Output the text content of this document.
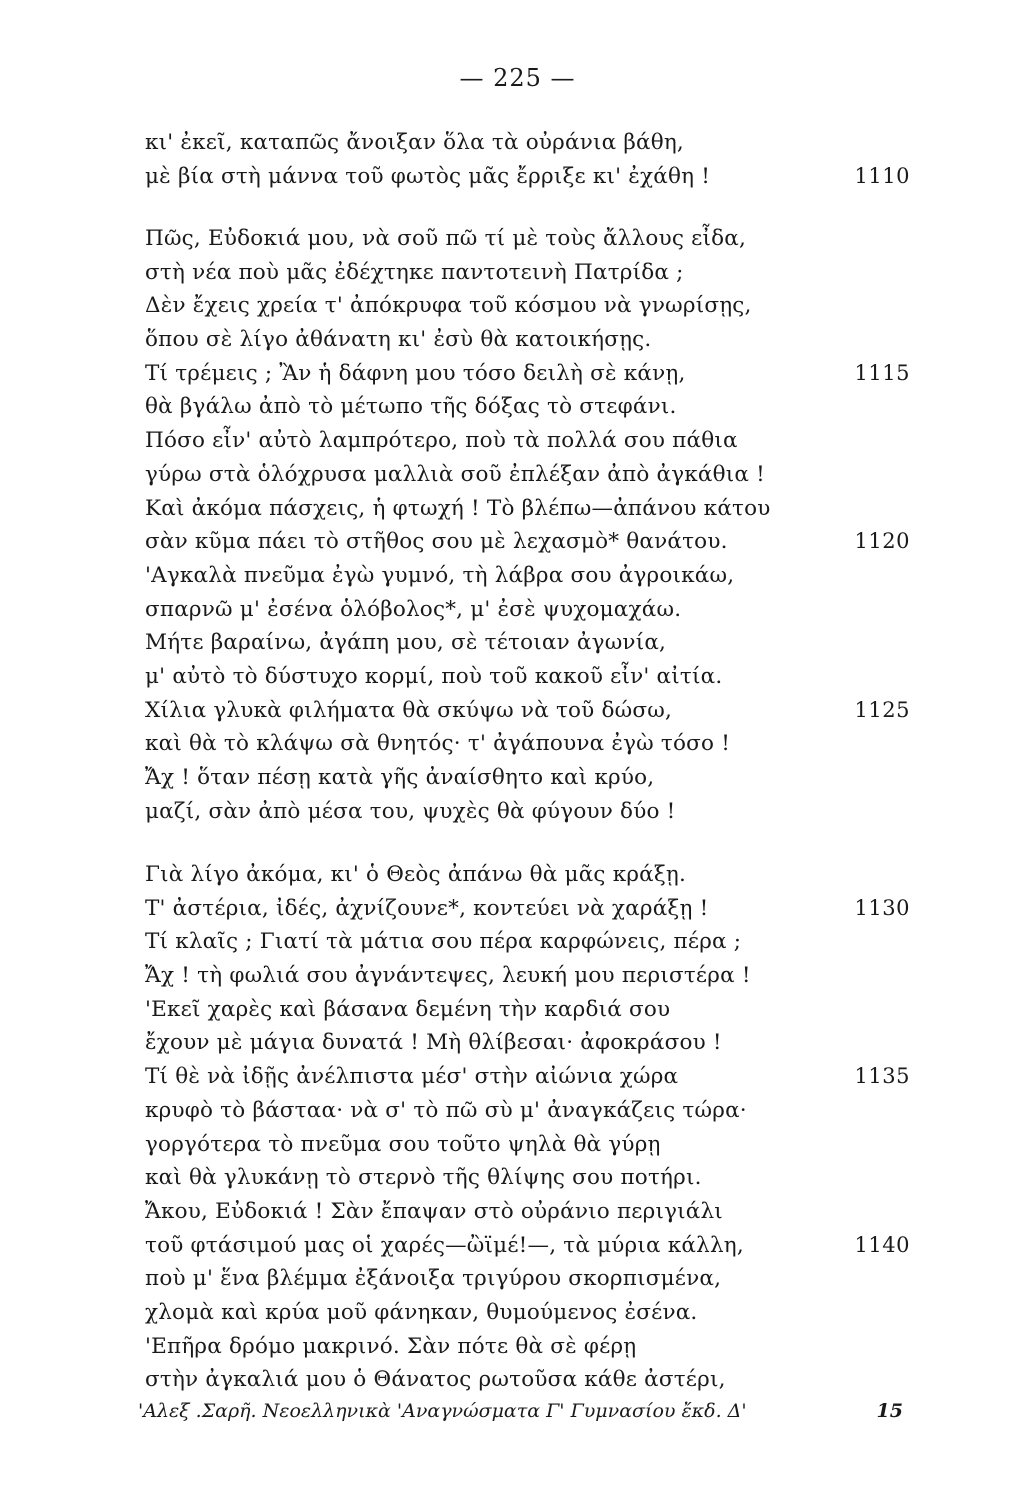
— 225 —
κι' ἐκεῖ, καταπῶς ἄνοιξαν ὅλα τὰ οὐράνια βάθη,
μὲ βία στὴ μάννα τοῦ φωτὸς μᾶς ἔρριξε κι' ἐχάθη !	1110
Πῶς, Εὐδοκιά μου, νὰ σοῦ πῶ τί μὲ τοὺς ἄλλους εἶδα,
στὴ νέα ποὺ μᾶς ἐδέχτηκε παντοτεινὴ Πατρίδα ;
Δὲν ἔχεις χρεία τ' ἀπόκρυφα τοῦ κόσμου νὰ γνωρίσῃς,
ὅπου σὲ λίγο ἀθάνατη κι' ἐσὺ θὰ κατοικήσῃς.
Τί τρέμεις ; Ἂν ἡ δάφνη μου τόσο δειλὴ σὲ κάνῃ,	1115
θὰ βγάλω ἀπὸ τὸ μέτωπο τῆς δόξας τὸ στεφάνι.
Πόσο εἶν' αὐτὸ λαμπρότερο, ποὺ τὰ πολλά σου πάθια
γύρω στὰ ὁλόχρυσα μαλλιὰ σοῦ ἐπλέξαν ἀπὸ ἀγκάθια !
Καὶ ἀκόμα πάσχεις, ἡ φτωχή ! Τὸ βλέπω—ἀπάνου κάτου
σὰν κῦμα πάει τὸ στῆθος σου μὲ λεχασμὸ* θανάτου.	1120
'Αγκαλὰ πνεῦμα ἐγὼ γυμνό, τὴ λάβρα σου ἀγροικάω,
σπαρνῶ μ' ἐσένα ὁλόβολος*, μ' ἐσὲ ψυχομαχάω.
Μήτε βαραίνω, ἀγάπη μου, σὲ τέτοιαν ἀγωνία,
μ' αὐτὸ τὸ δύστυχο κορμί, ποὺ τοῦ κακοῦ εἶν' αἰτία.
Χίλια γλυκὰ φιλήματα θὰ σκύψω νὰ τοῦ δώσω,	1125
καὶ θὰ τὸ κλάψω σὰ θνητός· τ' ἀγάπουνα ἐγὼ τόσο !
Ἄχ ! ὅταν πέσῃ κατὰ γῆς ἀναίσθητο καὶ κρύο,
μαζί, σὰν ἀπὸ μέσα του, ψυχὲς θὰ φύγουν δύο !
Γιὰ λίγο ἀκόμα, κι' ὁ Θεὸς ἀπάνω θὰ μᾶς κράξῃ.
Τ' ἀστέρια, ἰδές, ἀχνίζουνε*, κοντεύει νὰ χαράξῃ !	1130
Τί κλαῖς ; Γιατί τὰ μάτια σου πέρα καρφώνεις, πέρα ;
Ἄχ ! τὴ φωλιά σου ἀγνάντεψες, λευκή μου περιστέρα !
'Εκεῖ χαρὲς καὶ βάσανα δεμένη τὴν καρδιά σου
ἔχουν μὲ μάγια δυνατά ! Μὴ θλίβεσαι· ἀφοκράσου !
Τί θὲ νὰ ἰδῇς ἀνέλπιστα μέσ' στὴν αἰώνια χώρα	1135
κρυφὸ τὸ βάσταα· νὰ σ' τὸ πῶ σὺ μ' ἀναγκάζεις τώρα·
γοργότερα τὸ πνεῦμα σου τοῦτο ψηλὰ θὰ γύρῃ
καὶ θὰ γλυκάνῃ τὸ στερνὸ τῆς θλίψης σου ποτήρι.
Ἄκου, Εὐδοκιά ! Σὰν ἔπαψαν στὸ οὐράνιο περιγιάλι
τοῦ φτάσιμού μας οἱ χαρές—ὢϊμέ!—, τὰ μύρια κάλλη,	1140
ποὺ μ' ἕνα βλέμμα ἐξάνοιξα τριγύρου σκορπισμένα,
χλομὰ καὶ κρύα μοῦ φάνηκαν, θυμούμενος ἐσένα.
'Επῆρα δρόμο μακρινό. Σὰν πότε θὰ σὲ φέρῃ
στὴν ἀγκαλιά μου ὁ Θάνατος ρωτοῦσα κάθε ἀστέρι,
'Αλεξ .Σαρῆ. Νεοελληνικὰ 'Αναγνώσματα Γ' Γυμνασίου ἔκδ. Δ'	15
